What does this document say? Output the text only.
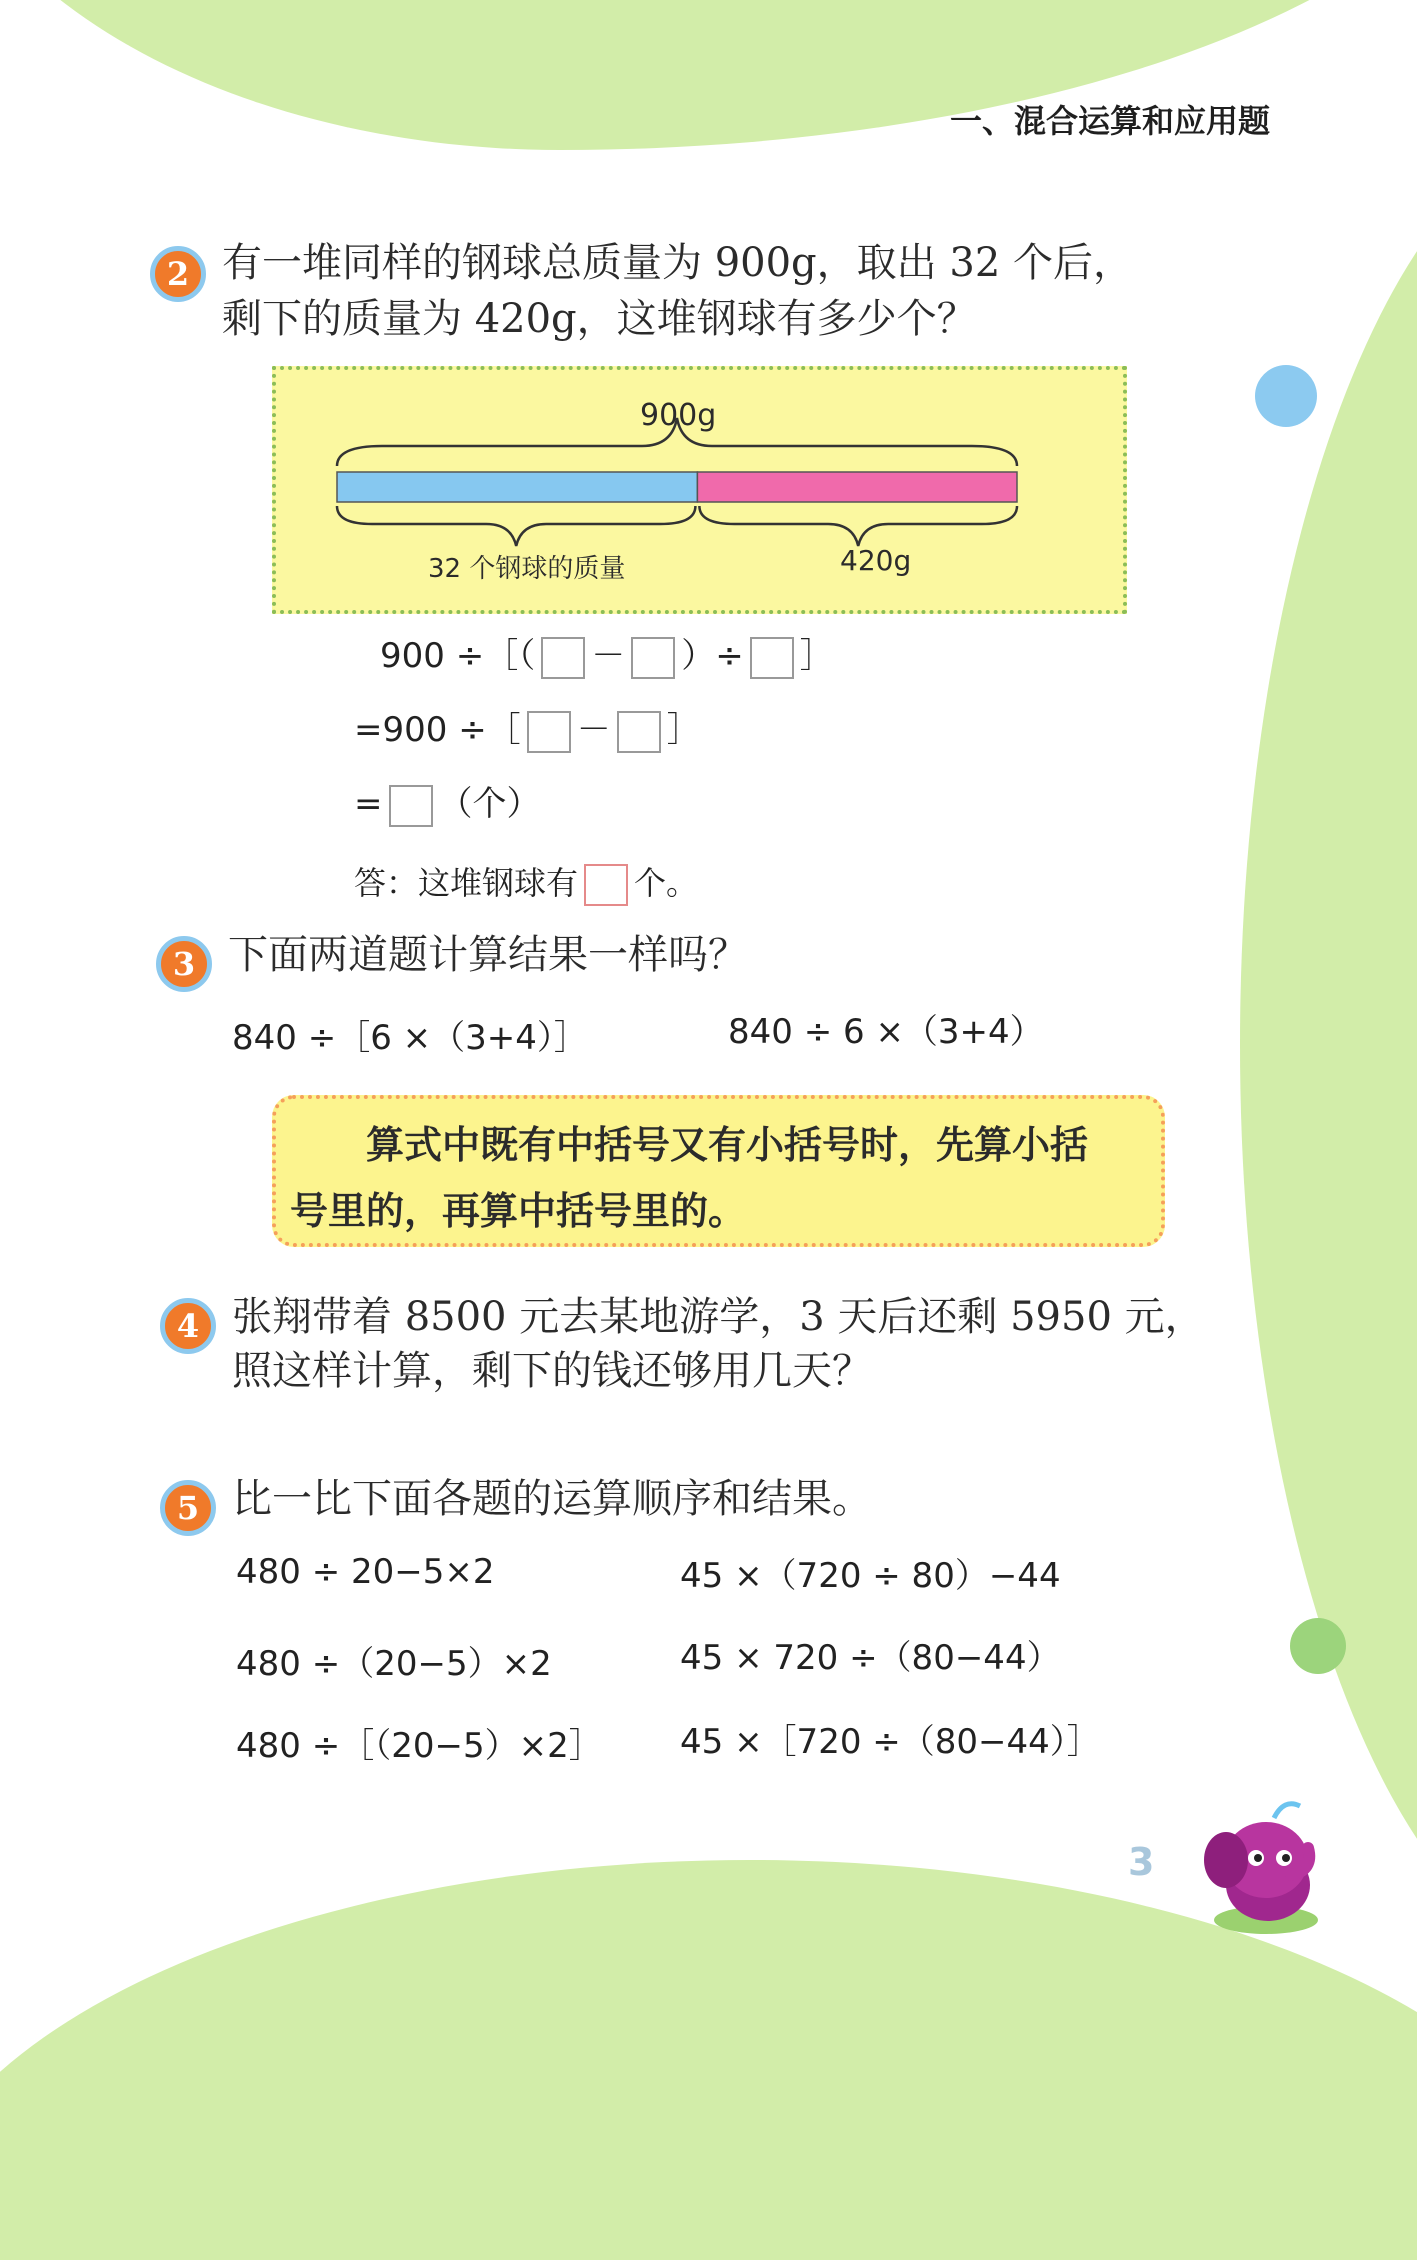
一、混合运算和应用题
2 有一堆同样的钢球总质量为 900g，取出 32 个后，
剩下的质量为 420g，这堆钢球有多少个？
900g
32 个钢球的质量	420g
900 ÷［（ － ）÷ ］
=900 ÷［ － ］
= （个）
答：这堆钢球有 个。
3 下面两道题计算结果一样吗？
840 ÷［6 ×（3+4）］	840 ÷ 6 ×（3+4）
算式中既有中括号又有小括号时，先算小括
号里的，再算中括号里的。
4 张翔带着 8500 元去某地游学，3 天后还剩 5950 元，
照这样计算，剩下的钱还够用几天？
5 比一比下面各题的运算顺序和结果。
480 ÷ 20−5×2
480 ÷（20−5）×2
480 ÷［（20−5）×2］
45 ×（720 ÷ 80）−44
45 × 720 ÷（80−44）
45 ×［720 ÷（80−44）］
3
